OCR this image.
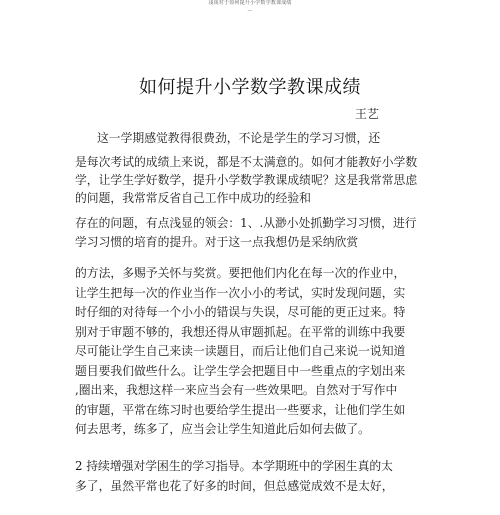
浅谈对于如何提升小学数学教课成绩
—
如何提升小学数学教课成绩
王艺
这一学期感觉教得很费劲，不论是学生的学习习惯，还
是每次考试的成绩上来说，都是不太满意的。如何才能教好小学数
学，让学生学好数学，提升小学数学教课成绩呢？这是我常常思虑
的问题，我常常反省自己工作中成功的经验和
存在的问题，有点浅显的领会：1、.从渺小处抓勤学习习惯，进行
学习习惯的培育的提升。对于这一点我想仍是采纳欣赏
的方法，多赐予关怀与奖赏。要把他们内化在每一次的作业中，
让学生把每一次的作业当作一次小小的考试，实时发现问题，实
时仔细的对待每一个小小的错误与失误，尽可能的更正过来。特
别对于审题不够的，我想还得从审题抓起。在平常的训练中我要
尽可能让学生自己来读一读题目，而后让他们自己来说一说知道
题目要我们做些什么。让学生学会把题目中一些重点的字划出来
,圈出来，我想这样一来应当会有一些效果吧。自然对于写作中
的审题，平常在练习时也要给学生提出一些要求，让他们学生如
何去思考，练多了，应当会让学生知道此后如何去做了。
2 持续增强对学困生的学习指导。本学期班中的学困生真的太
多了，虽然平常也花了好多的时间，但总感觉成效不是太好，
